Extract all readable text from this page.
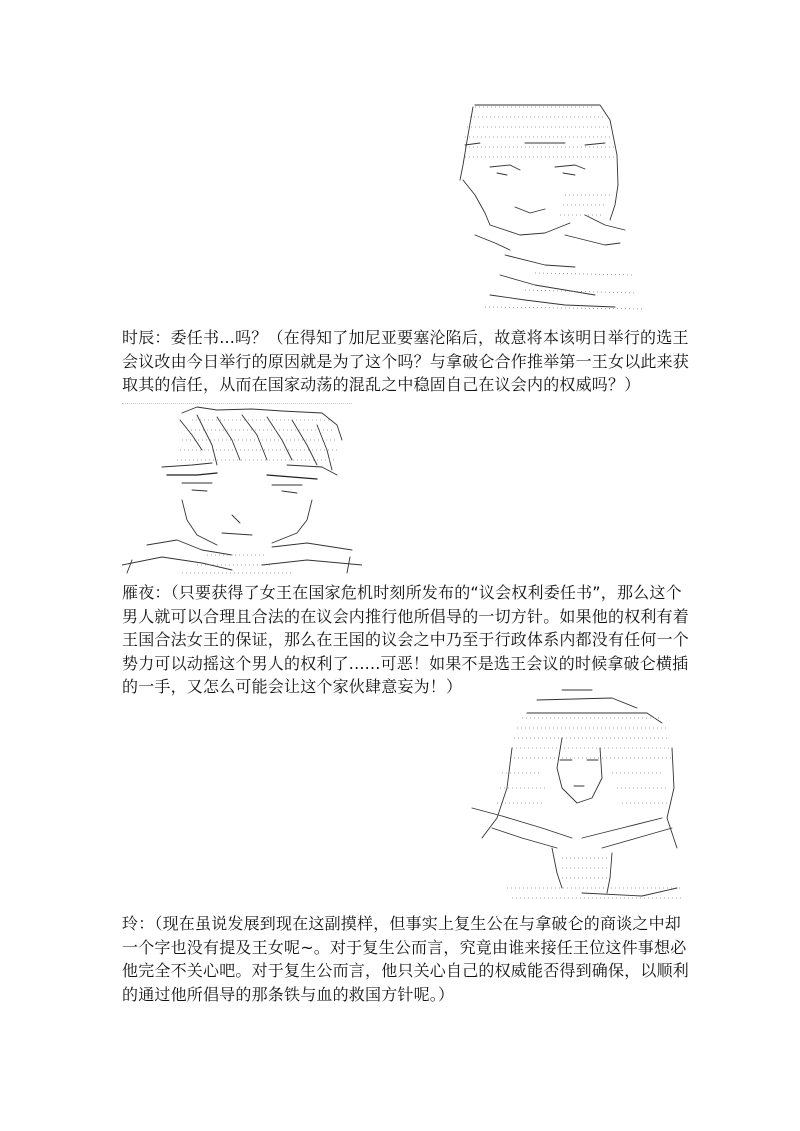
时辰：委任书...吗？（在得知了加尼亚要塞沦陷后，故意将本该明日举行的选王会议改由今日举行的原因就是为了这个吗？与拿破仑合作推举第一王女以此来获取其的信任，从而在国家动荡的混乱之中稳固自己在议会内的权威吗？）

雁夜：（只要获得了女王在国家危机时刻所发布的“议会权利委任书”，那么这个男人就可以合理且合法的在议会内推行他所倡导的一切方针。如果他的权利有着王国合法女王的保证，那么在王国的议会之中乃至于行政体系内都没有任何一个势力可以动摇这个男人的权利了......可恶！如果不是选王会议的时候拿破仑横插的一手，又怎么可能会让这个家伙肆意妄为！）

玲：（现在虽说发展到现在这副摸样，但事实上复生公在与拿破仑的商谈之中却一个字也没有提及王女呢~。对于复生公而言，究竟由谁来接任王位这件事想必他完全不关心吧。对于复生公而言，他只关心自己的权威能否得到确保，以顺利的通过他所倡导的那条铁与血的救国方针呢。）
